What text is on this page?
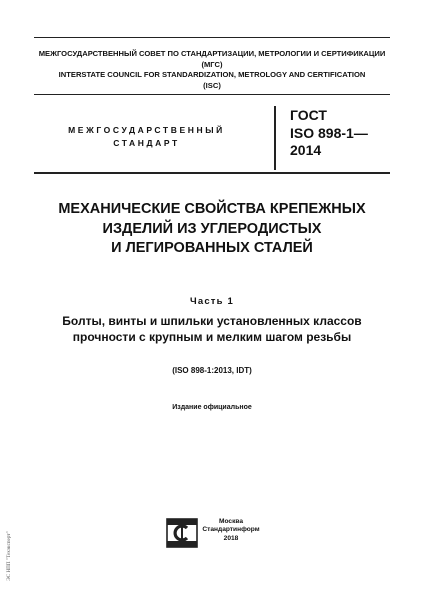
МЕЖГОСУДАРСТВЕННЫЙ СОВЕТ ПО СТАНДАРТИЗАЦИИ, МЕТРОЛОГИИ И СЕРТИФИКАЦИИ
(МГС)
INTERSTATE COUNCIL FOR STANDARDIZATION, METROLOGY AND CERTIFICATION
(ISC)
МЕЖГОСУДАРСТВЕННЫЙ
СТАНДАРТ
ГОСТ
ISO 898-1—
2014
МЕХАНИЧЕСКИЕ СВОЙСТВА КРЕПЕЖНЫХ
ИЗДЕЛИЙ ИЗ УГЛЕРОДИСТЫХ
И ЛЕГИРОВАННЫХ СТАЛЕЙ
Часть 1
Болты, винты и шпильки установленных классов
прочности с крупным и мелким шагом резьбы
(ISO 898-1:2013, IDT)
Издание официальное
Москва
Стандартинформ
2018
ЭС НПП "Техэксперт"
